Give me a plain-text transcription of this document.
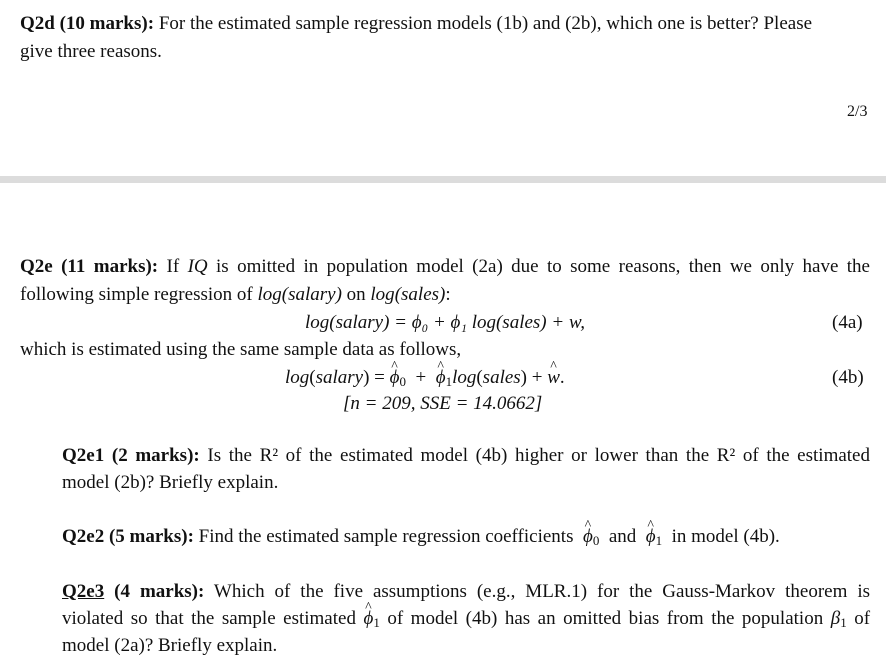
Q2d (10 marks): For the estimated sample regression models (1b) and (2b), which one is better? Please
give three reasons.
2/3
Q2e (11 marks): If IQ is omitted in population model (2a) due to some reasons, then we only have the
following simple regression of log(salary) on log(sales):
log(salary) = ϕ₀ + ϕ₁ log(sales) + w,	(4a)
which is estimated using the same sample data as follows,
log(salary) = ^ $\phi_0$  +  ^ $\phi_1\log(sales)$ + ^ w.	(4b)
[n = 209, SSE = 14.0662]
Q2e1 (2 marks): Is the R² of the estimated model (4b) higher or lower than the R² of the estimated
model (2b)? Briefly explain.
Q2e2 (5 marks): Find the estimated sample regression coefficients ^ $\phi_0$ and ^ $\phi_1$ in model (4b).
Q2e3 (4 marks): Which of the five assumptions (e.g., MLR.1) for the Gauss-Markov theorem is
violated so that the sample estimated ^ $\phi_1$ of model (4b) has an omitted bias from the population $\beta_1$ of
model (2a)? Briefly explain.
